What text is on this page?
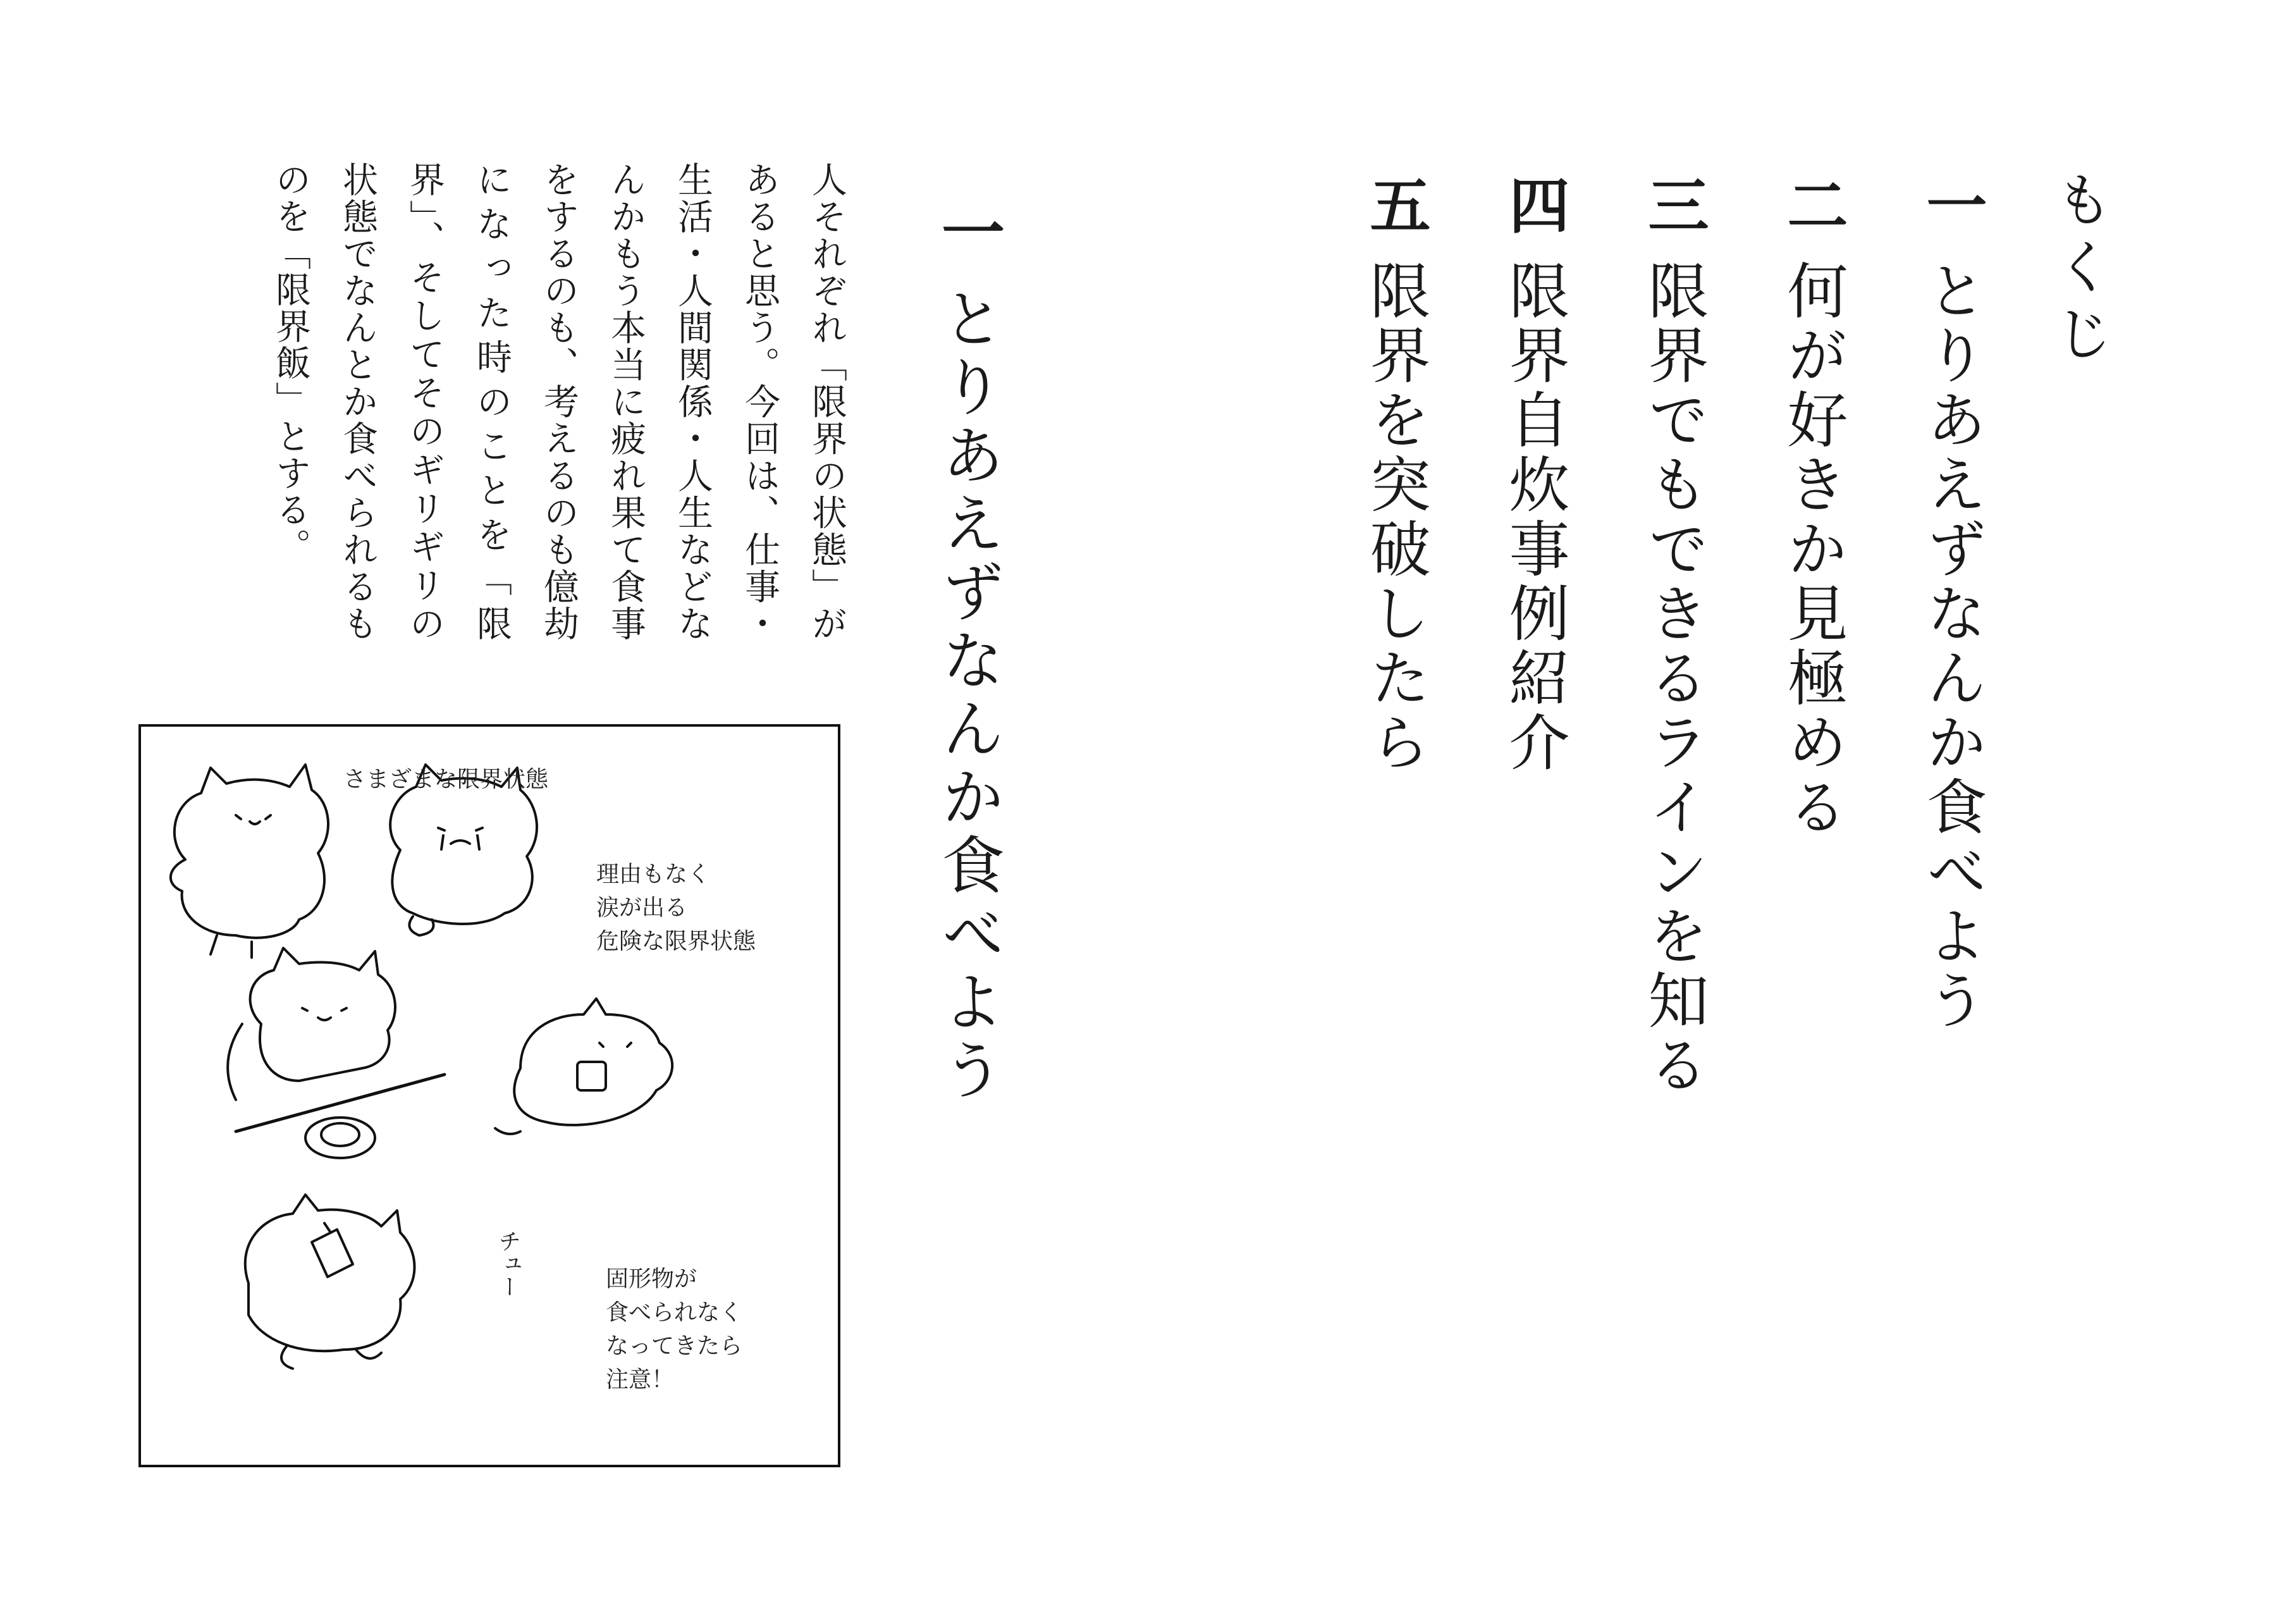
もくじ
一
とりあえずなんか食べよう
二
何が好きか見極める
三
限界でもできるラインを知る
四
限界自炊事例紹介
五
限界を突破したら
一
とりあえずなんか食べよう
人それぞれ「限界の状態」があると思う。今回は、仕事・生活・人間関係・人生などなんかもう本当に疲れ果て食事をするのも、考えるのも億劫になった時のことを「限界」、そしてそのギリギリの状態でなんとか食べられるものを「限界飯」とする。
さまざまな限界状態
理由もなく
涙が出る
危険な限界状態
固形物が
食べられなく
なってきたら
注意！
チュー
